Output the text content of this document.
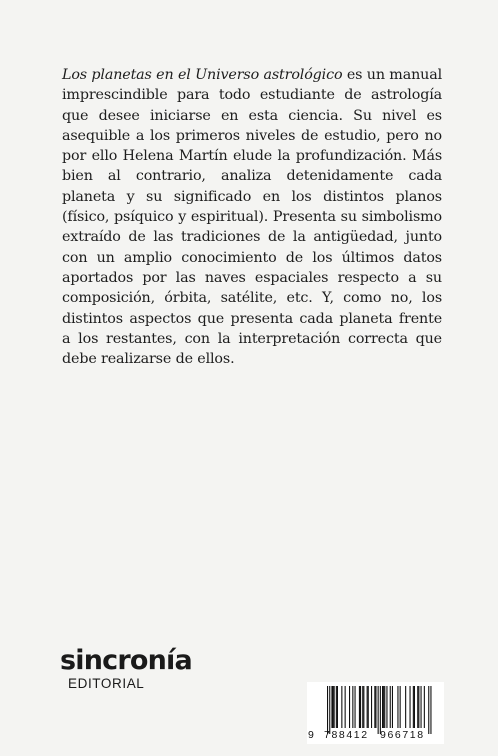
Los planetas en el Universo astrológico es un manual imprescindible para todo estudiante de astrología que desee iniciarse en esta ciencia. Su nivel es asequible a los primeros niveles de estudio, pero no por ello Helena Martín elude la profundización. Más bien al contrario, analiza detenidamente cada planeta y su significado en los distintos planos (físico, psíquico y espiritual). Presenta su simbolismo extraído de las tradiciones de la antigüedad, junto con un amplio conocimiento de los últimos datos aportados por las naves espaciales respecto a su composición, órbita, satélite, etc. Y, como no, los distintos aspectos que presenta cada planeta frente a los restantes, con la interpretación correcta que debe realizarse de ellos.

sincronía
EDITORIAL
9 788412 966718
